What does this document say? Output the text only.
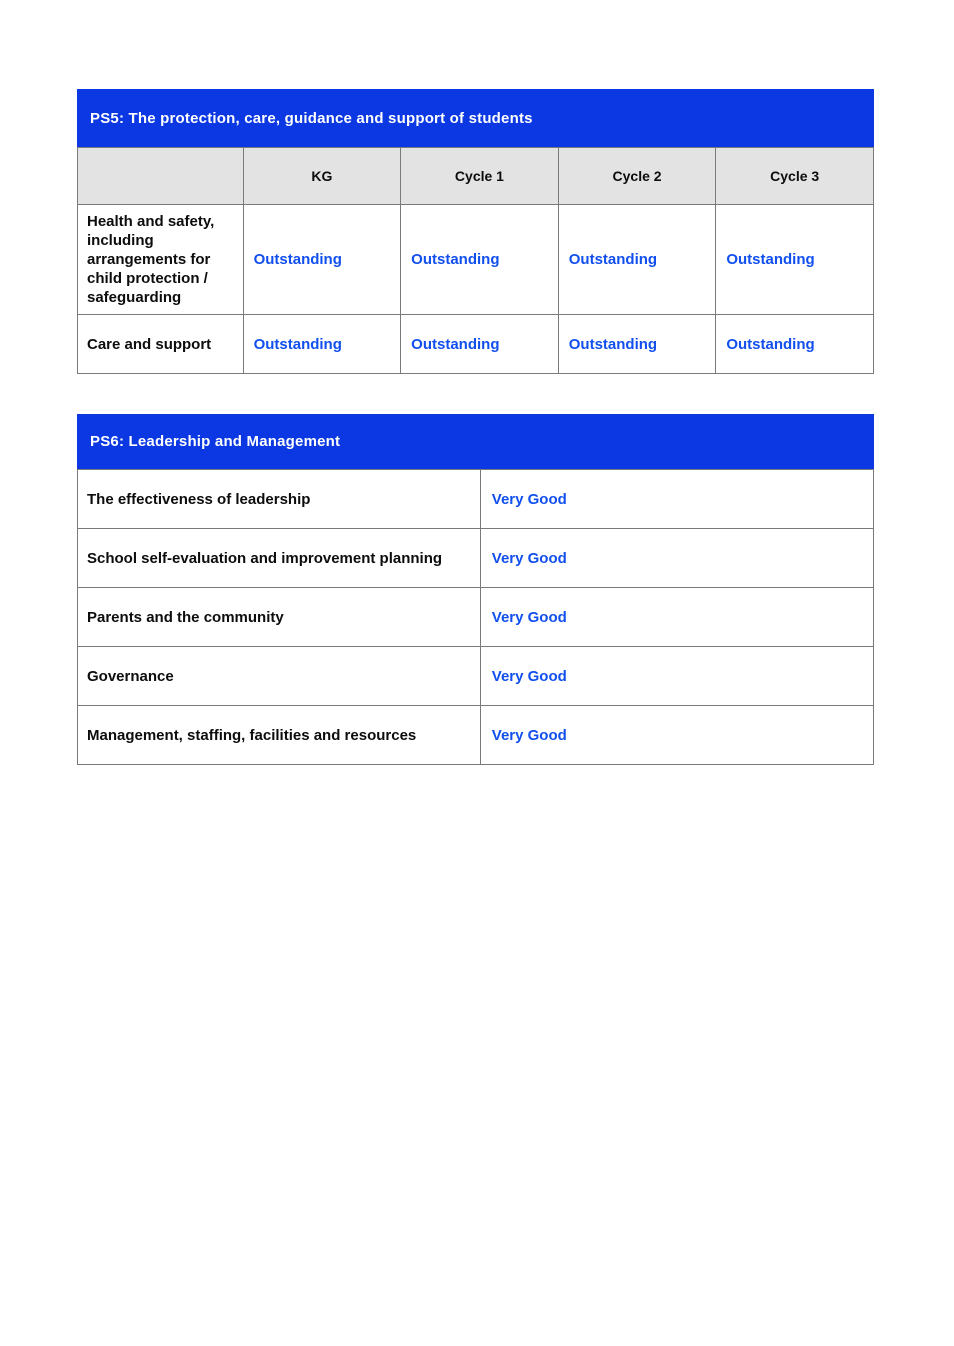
PS5: The protection, care, guidance and support of students
	KG	Cycle 1	Cycle 2	Cycle 3
Health and safety, including arrangements for child protection / safeguarding	Outstanding	Outstanding	Outstanding	Outstanding
Care and support	Outstanding	Outstanding	Outstanding	Outstanding
PS6: Leadership and Management
The effectiveness of leadership	Very Good
School self-evaluation and improvement planning	Very Good
Parents and the community	Very Good
Governance	Very Good
Management, staffing, facilities and resources	Very Good
